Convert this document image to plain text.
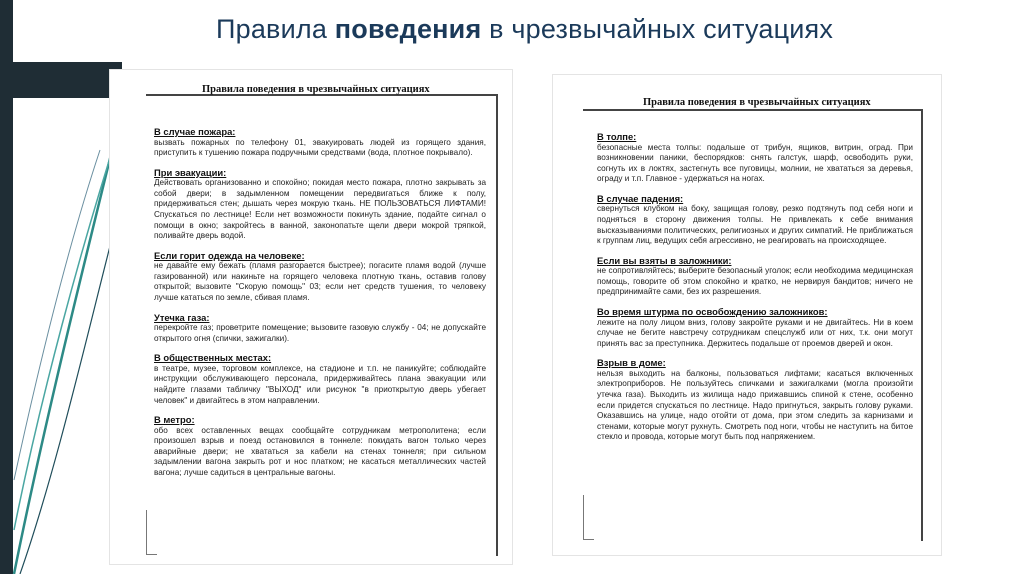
Правила поведения в чрезвычайных ситуациях
Правила поведения в чрезвычайных ситуациях
В случае пожара:

вызвать пожарных по телефону 01, эвакуировать людей из горящего здания, приступить к тушению пожара подручными средствами (вода, плотное покрывало).

При эвакуации:

Действовать организованно и спокойно; покидая место пожара, плотно закрывать за собой двери; в задымленном помещении передвигаться ближе к полу, придерживаться стен; дышать через мокрую ткань. НЕ ПОЛЬЗОВАТЬСЯ ЛИФТАМИ! Спускаться по лестнице! Если нет возможности покинуть здание, подайте сигнал о помощи в окно; закройтесь в ванной, законопатьте щели двери мокрой тряпкой, поливайте дверь водой.

Если горит одежда на человеке:

не давайте ему бежать (пламя разгорается быстрее); погасите пламя водой (лучше газированной) или накиньте на горящего человека плотную ткань, оставив голову открытой; вызовите "Скорую помощь" 03; если нет средств тушения, то человеку лучше кататься по земле, сбивая пламя.

Утечка газа:

перекройте газ; проветрите помещение; вызовите газовую службу - 04; не допускайте открытого огня (спички, зажигалки).

В общественных местах:

в театре, музее, торговом комплексе, на стадионе и т.п. не паникуйте; соблюдайте инструкции обслуживающего персонала, придерживайтесь плана эвакуации или найдите глазами табличку "ВЫХОД" или рисунок "в приоткрытую дверь убегает человек" и двигайтесь в этом направлении.

В метро:

обо всех оставленных вещах сообщайте сотрудникам метрополитена; если произошел взрыв и поезд остановился в тоннеле: покидать вагон только через аварийные двери; не хвататься за кабели на стенах тоннеля; при сильном задымлении вагона закрыть рот и нос платком; не касаться металлических частей вагона; лучше садиться в центральные вагоны.

Правила поведения в чрезвычайных ситуациях
В толпе:

безопасные места толпы: подальше от трибун, ящиков, витрин, оград. При возникновении паники, беспорядков: снять галстук, шарф, освободить руки, согнуть их в локтях, застегнуть все пуговицы, молнии, не хвататься за деревья, ограду и т.п. Главное - удержаться на ногах.

В случае падения:

свернуться клубком на боку, защищая голову, резко подтянуть под себя ноги и подняться в сторону движения толпы. Не привлекать к себе внимания высказываниями политических, религиозных и других симпатий. Не приближаться к группам лиц, ведущих себя агрессивно, не реагировать на происходящее.

Если вы взяты в заложники:

не сопротивляйтесь; выберите безопасный уголок; если необходима медицинская помощь, говорите об этом спокойно и кратко, не нервируя бандитов; ничего не предпринимайте сами, без их разрешения.

Во время штурма по освобождению заложников:

лежите на полу лицом вниз, голову закройте руками и не двигайтесь. Ни в коем случае не бегите навстречу сотрудникам спецслужб или от них, т.к. они могут принять вас за преступника. Держитесь подальше от проемов дверей и окон.

Взрыв в доме:

нельзя выходить на балконы, пользоваться лифтами; касаться включенных электроприборов. Не пользуйтесь спичками и зажигалками (могла произойти утечка газа). Выходить из жилища надо прижавшись спиной к стене, особенно если придется спускаться по лестнице. Надо пригнуться, закрыть голову руками. Оказавшись на улице, надо отойти от дома, при этом следить за карнизами и стенами, которые могут рухнуть. Смотреть под ноги, чтобы не наступить на битое стекло и провода, которые могут быть под напряжением.
